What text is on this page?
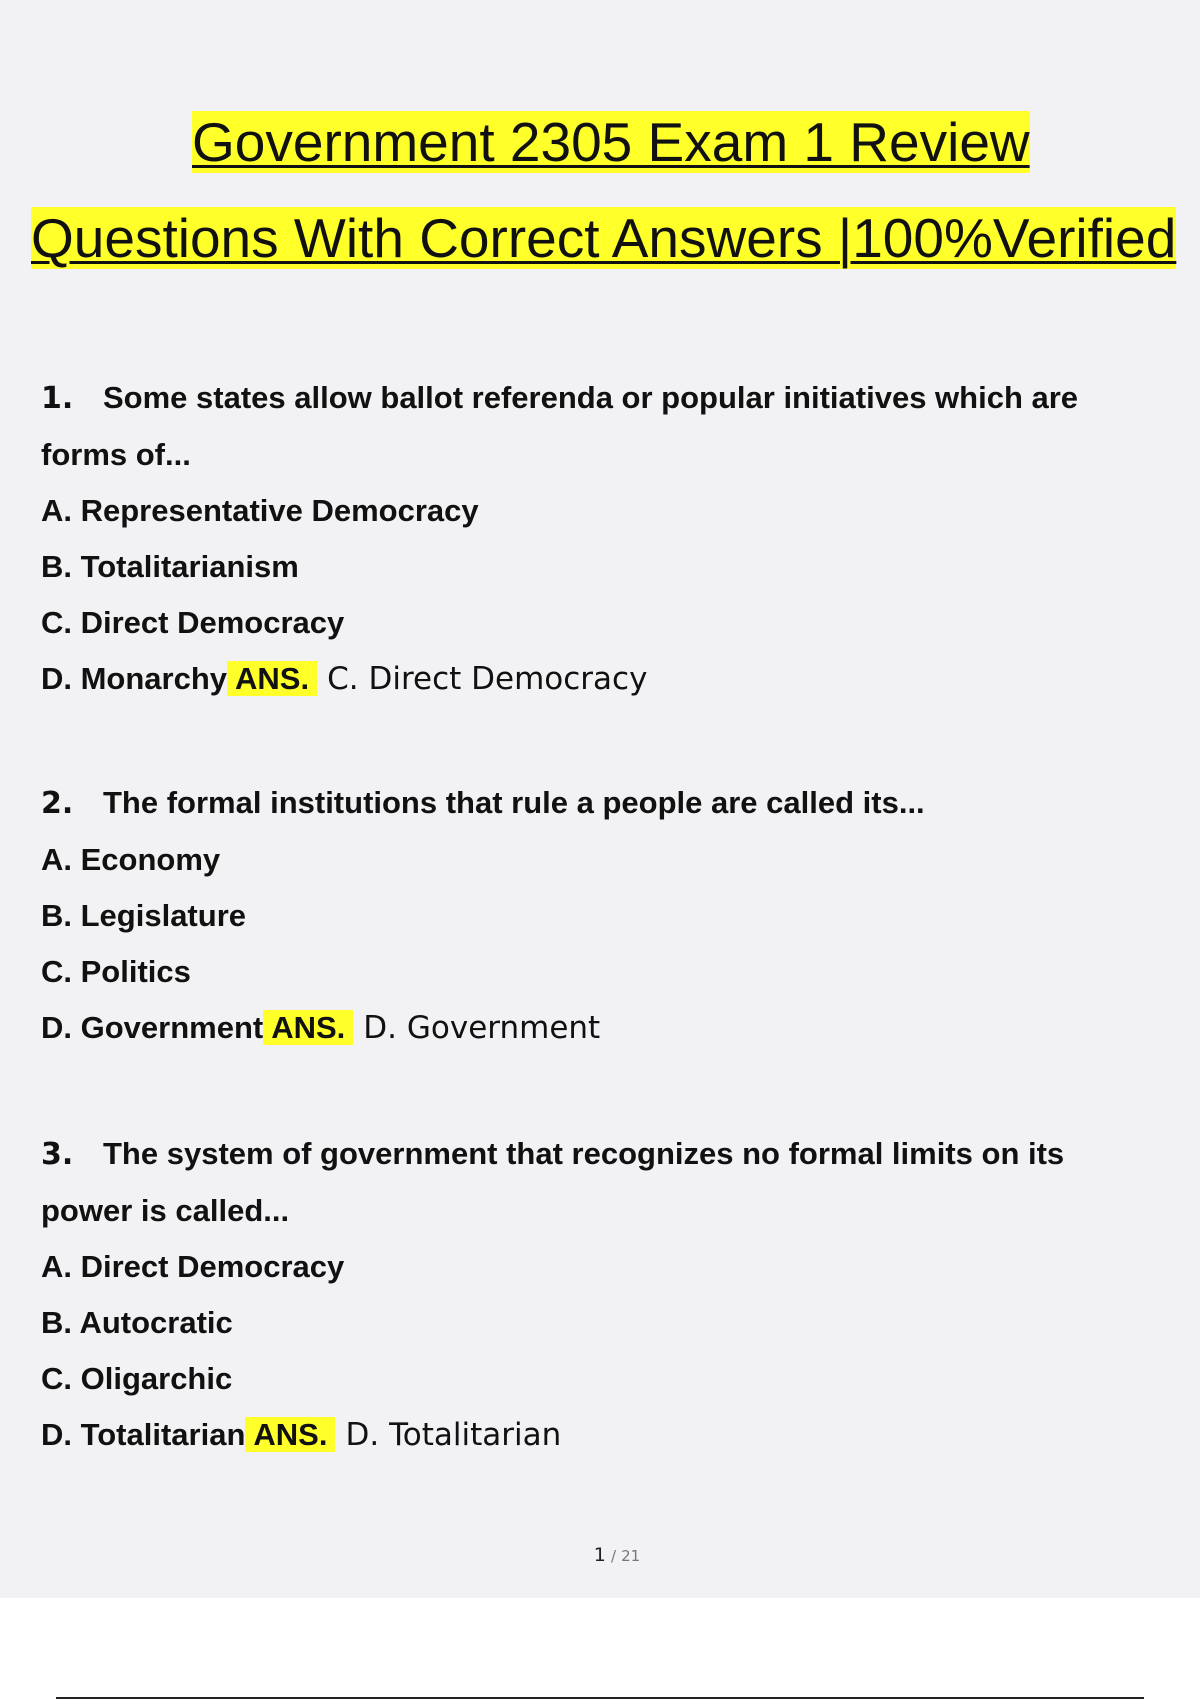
Government 2305 Exam 1 Review
Questions With Correct Answers |100%Verified

1. Some states allow ballot referenda or popular initiatives which are forms of...

A. Representative Democracy

B. Totalitarianism

C. Direct Democracy

D. Monarchy ANS. C. Direct Democracy

2. The formal institutions that rule a people are called its...

A. Economy

B. Legislature

C. Politics

D. Government ANS. D. Government

3. The system of government that recognizes no formal limits on its power is called...

A. Direct Democracy

B. Autocratic

C. Oligarchic

D. Totalitarian ANS. D. Totalitarian

1 / 21
